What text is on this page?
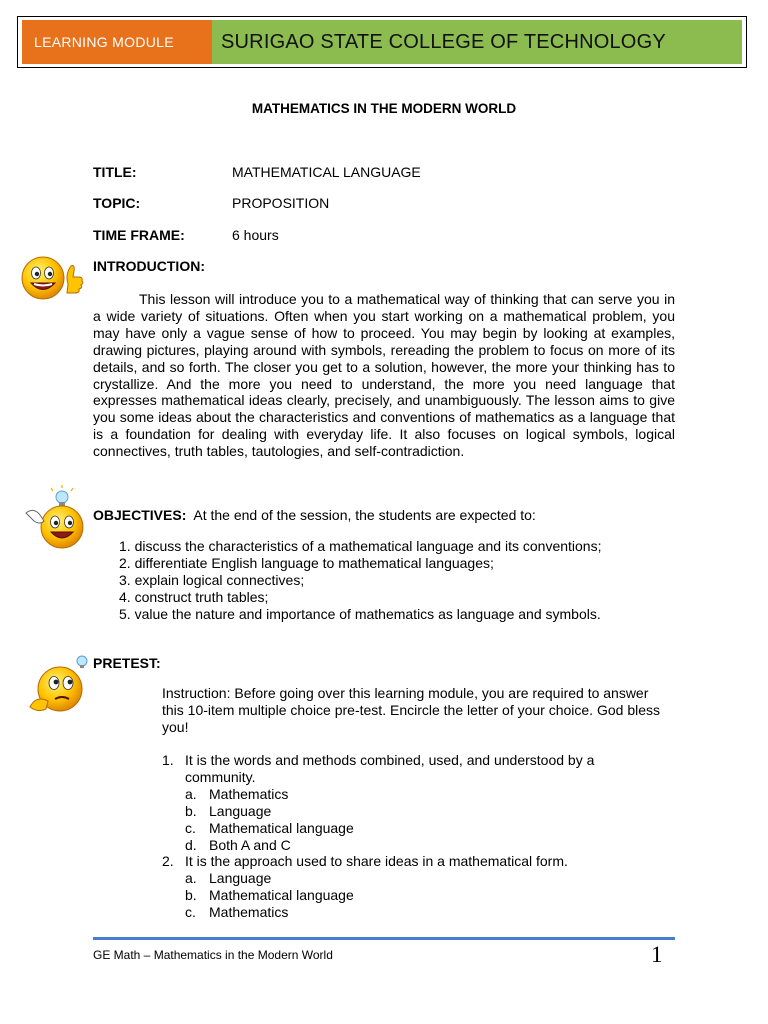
LEARNING MODULE	SURIGAO STATE COLLEGE OF TECHNOLOGY
MATHEMATICS IN THE MODERN WORLD
TITLE:	MATHEMATICAL LANGUAGE
TOPIC:	PROPOSITION
TIME FRAME:	6 hours
INTRODUCTION:

This lesson will introduce you to a mathematical way of thinking that can serve you in a wide variety of situations. Often when you start working on a mathematical problem, you may have only a vague sense of how to proceed. You may begin by looking at examples, drawing pictures, playing around with symbols, rereading the problem to focus on more of its details, and so forth. The closer you get to a solution, however, the more your thinking has to crystallize. And the more you need to understand, the more you need language that expresses mathematical ideas clearly, precisely, and unambiguously. The lesson aims to give you some ideas about the characteristics and conventions of mathematics as a language that is a foundation for dealing with everyday life. It also focuses on logical symbols, logical connectives, truth tables, tautologies, and self-contradiction.

OBJECTIVES: At the end of the session, the students are expected to:
1. discuss the characteristics of a mathematical language and its conventions;
2. differentiate English language to mathematical languages;
3. explain logical connectives;
4. construct truth tables;
5. value the nature and importance of mathematics as language and symbols.
PRETEST:

Instruction: Before going over this learning module, you are required to answer this 10-item multiple choice pre-test. Encircle the letter of your choice. God bless you!

1. It is the words and methods combined, used, and understood by a community.
a. Mathematics
b. Language
c. Mathematical language
d. Both A and C
2. It is the approach used to share ideas in a mathematical form.
a. Language
b. Mathematical language
c. Mathematics
GE Math – Mathematics in the Modern World	1
